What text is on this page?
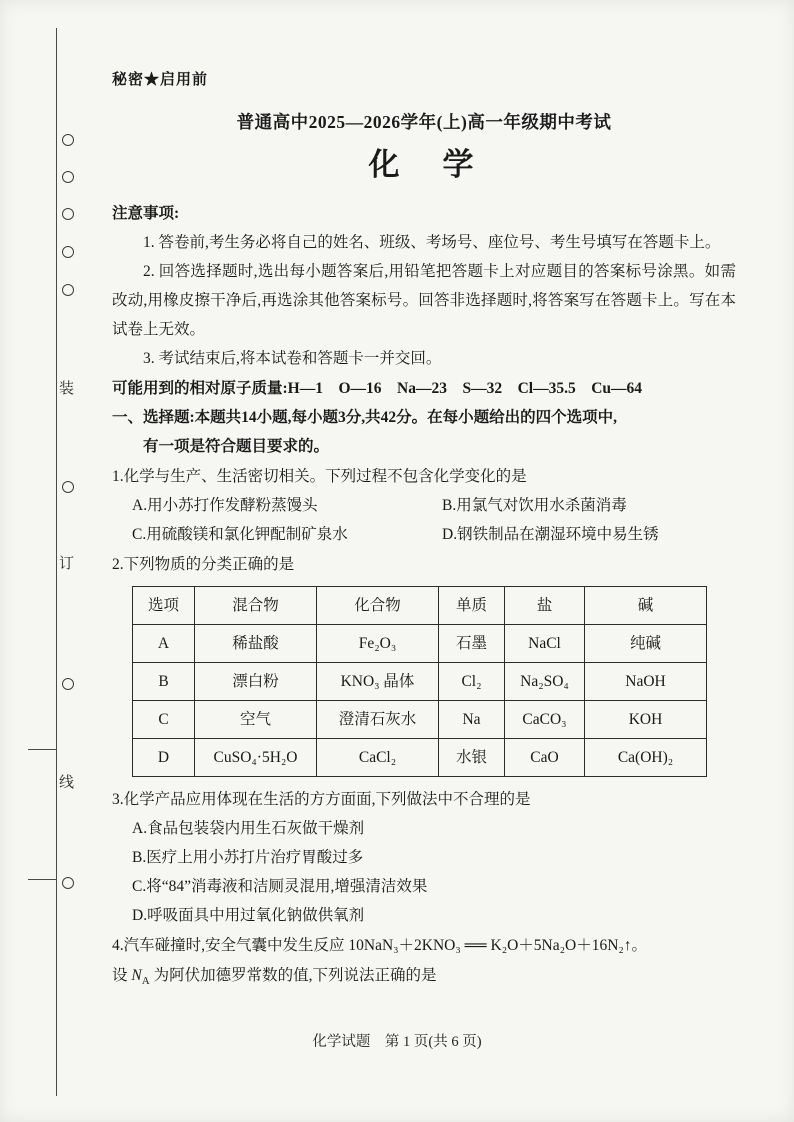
装
订
线
秘密★启用前
普通高中2025—2026学年(上)高一年级期中考试
化　学
注意事项:

1. 答卷前,考生务必将自己的姓名、班级、考场号、座位号、考生号填写在答题卡上。

2. 回答选择题时,选出每小题答案后,用铅笔把答题卡上对应题目的答案标号涂黑。如需改动,用橡皮擦干净后,再选涂其他答案标号。回答非选择题时,将答案写在答题卡上。写在本试卷上无效。

3. 考试结束后,将本试卷和答题卡一并交回。

可能用到的相对原子质量:H—1　O—16　Na—23　S—32　Cl—35.5　Cu—64
一、选择题:本题共14小题,每小题3分,共42分。在每小题给出的四个选项中,
有一项是符合题目要求的。

1.化学与生产、生活密切相关。下列过程不包含化学变化的是

A.用小苏打作发酵粉蒸馒头	B.用氯气对饮用水杀菌消毒
C.用硫酸镁和氯化钾配制矿泉水	D.钢铁制品在潮湿环境中易生锈

2.下列物质的分类正确的是

选项	混合物	化合物	单质	盐	碱
A	稀盐酸	Fe₂O₃	石墨	NaCl	纯碱
B	漂白粉	KNO₃ 晶体	Cl₂	Na₂SO₄	NaOH
C	空气	澄清石灰水	Na	CaCO₃	KOH
D	CuSO₄·5H₂O	CaCl₂	水银	CaO	Ca(OH)₂

3.化学产品应用体现在生活的方方面面,下列做法中不合理的是

A.食品包装袋内用生石灰做干燥剂
B.医疗上用小苏打片治疗胃酸过多
C.将“84”消毒液和洁厕灵混用,增强清洁效果
D.呼吸面具中用过氧化钠做供氧剂

4.汽车碰撞时,安全气囊中发生反应 10NaN₃＋2KNO₃ ══ K₂O＋5Na₂O＋16N₂↑。

设 $N_A$ 为阿伏加德罗常数的值,下列说法正确的是

化学试题　第 1 页(共 6 页)
